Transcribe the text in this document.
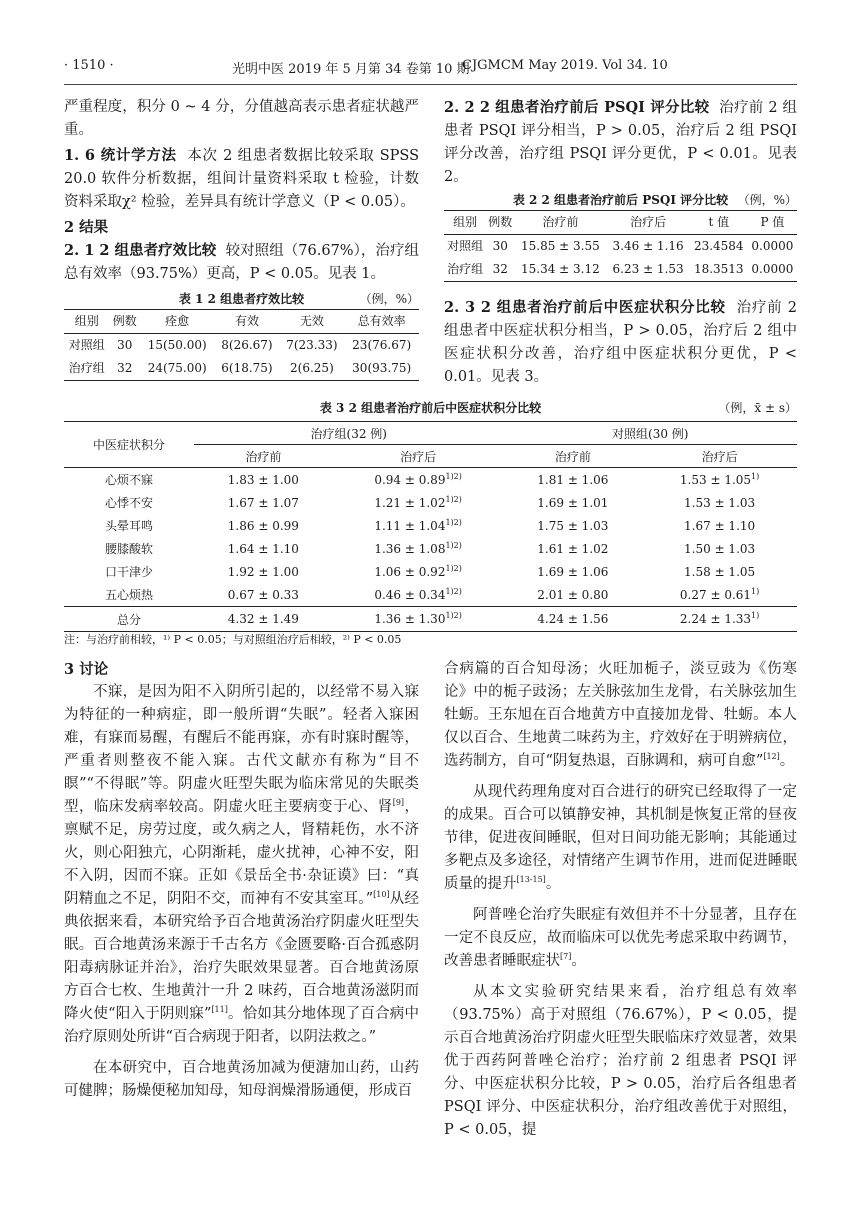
· 1510 ·	光明中医 2019 年 5 月第 34 卷第 10 期
CJGMCM May 2019. Vol 34. 10

严重程度，积分 0 ~ 4 分，分值越高表示患者症状越严重。

1. 6 统计学方法 本次 2 组患者数据比较采取 SPSS 20.0 软件分析数据，组间计量资料采取 t 检验，计数资料采取χ² 检验，差异具有统计学意义（P < 0.05）。

2 结果

2. 1 2 组患者疗效比较 较对照组（76.67%），治疗组总有效率（93.75%）更高，P < 0.05。见表 1。

表 1 2 组患者疗效比较	（例，%）
组别	例数	痊愈	有效	无效	总有效率
对照组	30	15(50.00)	8(26.67)	7(23.33)	23(76.67)
治疗组	32	24(75.00)	6(18.75)	2(6.25)	30(93.75)

2. 2 2 组患者治疗前后 PSQI 评分比较 治疗前 2 组患者 PSQI 评分相当，P > 0.05，治疗后 2 组 PSQI 评分改善，治疗组 PSQI 评分更优，P < 0.01。见表 2。

表 2 2 组患者治疗前后 PSQI 评分比较 （例，%）
组别	例数	治疗前	治疗后	t 值	P 值
对照组	30	15.85 ± 3.55	3.46 ± 1.16	23.4584	0.0000
治疗组	32	15.34 ± 3.12	6.23 ± 1.53	18.3513	0.0000

2. 3 2 组患者治疗前后中医症状积分比较 治疗前 2 组患者中医症状积分相当，P > 0.05，治疗后 2 组中医症状积分改善，治疗组中医症状积分更优，P < 0.01。见表 3。

表 3 2 组患者治疗前后中医症状积分比较	（例，x̄ ± s）
中医症状积分	治疗组(32 例)		对照组(30 例)	
	治疗前	治疗后	治疗前	治疗后
心烦不寐	1.83 ± 1.00	$0.94 \pm 0.89^{1)2)}$	1.81 ± 1.06	$1.53 \pm 1.05^{1)}$
心悸不安	1.67 ± 1.07	$1.21 \pm 1.02^{1)2)}$	1.69 ± 1.01	1.53 ± 1.03
头晕耳鸣	1.86 ± 0.99	$1.11 \pm 1.04^{1)2)}$	1.75 ± 1.03	1.67 ± 1.10
腰膝酸软	1.64 ± 1.10	$1.36 \pm 1.08^{1)2)}$	1.61 ± 1.02	1.50 ± 1.03
口干津少	1.92 ± 1.00	$1.06 \pm 0.92^{1)2)}$	1.69 ± 1.06	1.58 ± 1.05
五心烦热	0.67 ± 0.33	$0.46 \pm 0.34^{1)2)}$	2.01 ± 0.80	$0.27 \pm 0.61^{1)}$
总分	4.32 ± 1.49	$1.36 \pm 1.30^{1)2)}$	4.24 ± 1.56	$2.24 \pm 1.33^{1)}$
注：与治疗前相较，¹⁾ P < 0.05；与对照组治疗后相较，²⁾ P < 0.05

3 讨论

不寐，是因为阳不入阴所引起的，以经常不易入寐为特征的一种病症，即一般所谓“失眠”。轻者入寐困难，有寐而易醒，有醒后不能再寐，亦有时寐时醒等，严重者则整夜不能入寐。古代文献亦有称为“目不瞑”“不得眠”等。阴虚火旺型失眠为临床常见的失眠类型，临床发病率较高。阴虚火旺主要病变于心、肾[9]，禀赋不足，房劳过度，或久病之人，肾精耗伤，水不济火，则心阳独亢，心阴渐耗，虚火扰神，心神不安，阳不入阴，因而不寐。正如《景岳全书·杂证谟》曰：“真阴精血之不足，阴阳不交，而神有不安其室耳。”[10]从经典依据来看，本研究给予百合地黄汤治疗阴虚火旺型失眠。百合地黄汤来源于千古名方《金匮要略·百合孤惑阴阳毒病脉证并治》，治疗失眠效果显著。百合地黄汤原方百合七枚、生地黄汁一升 2 味药，百合地黄汤滋阴而降火使“阳入于阴则寐”[11]。恰如其分地体现了百合病中治疗原则处所讲“百合病现于阳者，以阴法救之。”

在本研究中，百合地黄汤加减为便溏加山药，山药可健脾；肠燥便秘加知母，知母润燥滑肠通便，形成百

合病篇的百合知母汤；火旺加栀子，淡豆豉为《伤寒论》中的栀子豉汤；左关脉弦加生龙骨，右关脉弦加生牡蛎。王东旭在百合地黄方中直接加龙骨、牡蛎。本人仅以百合、生地黄二味药为主，疗效好在于明辨病位，选药制方，自可“阴复热退，百脉调和，病可自愈”[12]。

从现代药理角度对百合进行的研究已经取得了一定的成果。百合可以镇静安神，其机制是恢复正常的昼夜节律，促进夜间睡眠，但对日间功能无影响；其能通过多靶点及多途径，对情绪产生调节作用，进而促进睡眠质量的提升[13-15]。

阿普唑仑治疗失眠症有效但并不十分显著，且存在一定不良反应，故而临床可以优先考虑采取中药调节，改善患者睡眠症状[7]。

从本文实验研究结果来看，治疗组总有效率（93.75%）高于对照组（76.67%），P < 0.05，提示百合地黄汤治疗阴虚火旺型失眠临床疗效显著，效果优于西药阿普唑仑治疗；治疗前 2 组患者 PSQI 评分、中医症状积分比较，P > 0.05，治疗后各组患者 PSQI 评分、中医症状积分，治疗组改善优于对照组，P < 0.05，提
